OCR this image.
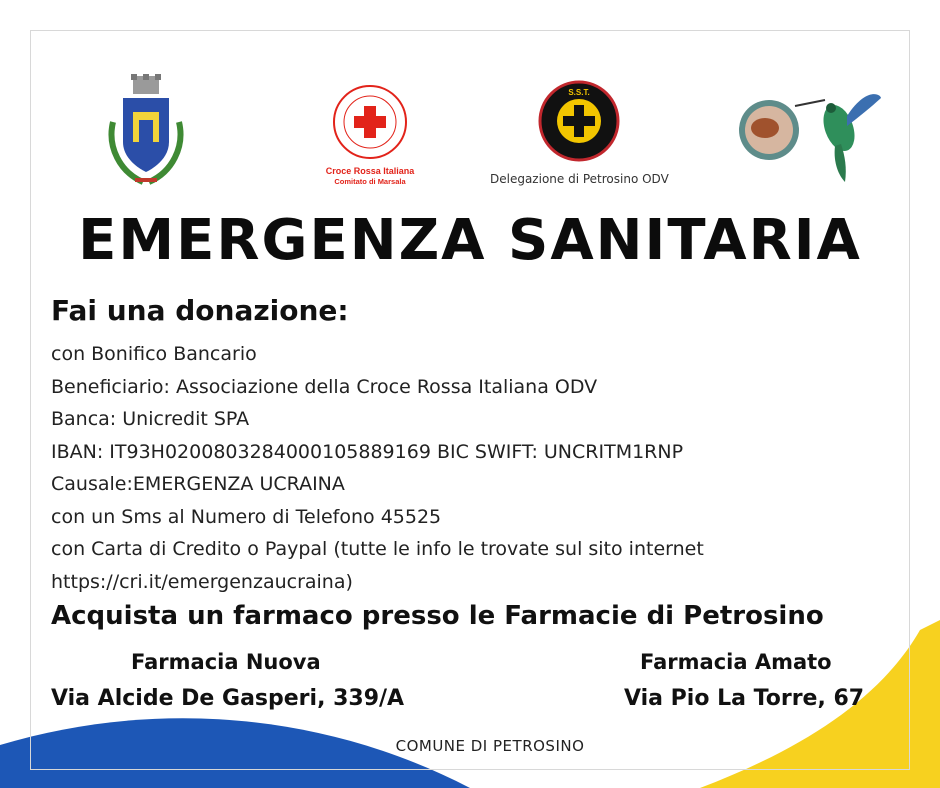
Croce Rossa Italiana
Comitato di Marsala
S.S.T.
Delegazione di Petrosino ODV
EMERGENZA SANITARIA
Fai una donazione:
con Bonifico Bancario
Beneficiario: Associazione della Croce Rossa Italiana ODV
Banca: Unicredit SPA
IBAN: IT93H0200803284000105889169 BIC SWIFT: UNCRITM1RNP
Causale:EMERGENZA UCRAINA
con un Sms al Numero di Telefono 45525
con Carta di Credito o Paypal (tutte le info le trovate sul sito internet
https://cri.it/emergenzaucraina)
Acquista un farmaco presso le Farmacie di Petrosino
Farmacia Nuova
Via Alcide De Gasperi, 339/A
Farmacia Amato
Via Pio La Torre, 67
COMUNE DI PETROSINO
